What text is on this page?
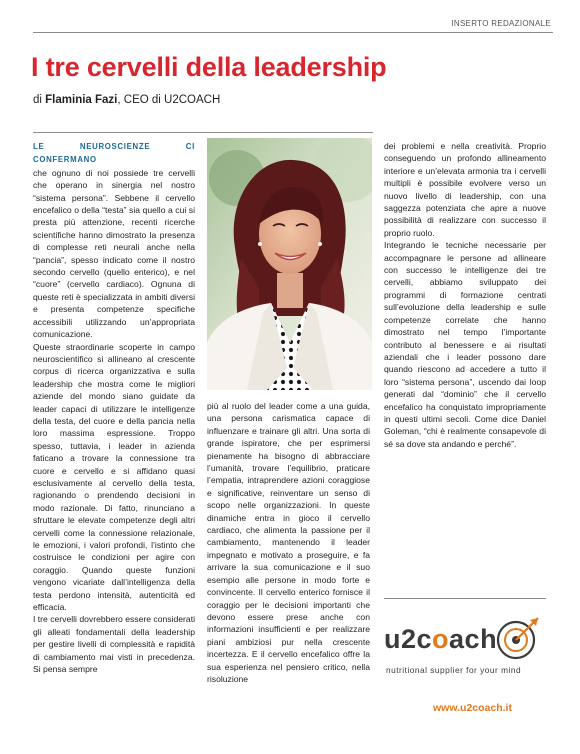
INSERTO REDAZIONALE
I tre cervelli della leadership
di Flaminia Fazi, CEO di U2COACH

LE NEUROSCIENZE CI CONFERMANO
che ognuno di noi possiede tre cervelli che operano in sinergia nel nostro “sistema persona”. Sebbene il cervello encefalico o della “testa” sia quello a cui si presta più attenzione, recenti ricerche scientifiche hanno dimostrato la presenza di complesse reti neurali anche nella “pancia”, spesso indicato come il nostro secondo cervello (quello enterico), e nel “cuore” (cervello cardiaco). Ognuna di queste reti è specializzata in ambiti diversi e presenta competenze specifiche accessibili utilizzando un’appropriata comunicazione.

Queste straordinarie scoperte in campo neuroscientifico si allineano al crescente corpus di ricerca organizzativa e sulla leadership che mostra come le migliori aziende del mondo siano guidate da leader capaci di utilizzare le intelligenze della testa, del cuore e della pancia nella loro massima espressione. Troppo spesso, tuttavia, i leader in azienda faticano a trovare la connessione tra cuore e cervello e si affidano quasi esclusivamente al cervello della testa, ragionando o prendendo decisioni in modo razionale. Di fatto, rinunciano a sfruttare le elevate competenze degli altri cervelli come la connessione relazionale, le emozioni, i valori profondi, l’istinto che costruisce le condizioni per agire con coraggio. Quando queste funzioni vengono vicariate dall’intelligenza della testa perdono intensità, autenticità ed efficacia.

I tre cervelli dovrebbero essere considerati gli alleati fondamentali della leadership per gestire livelli di complessità e rapidità di cambiamento mai visti in precedenza. Si pensa sempre

più al ruolo del leader come a una guida, una persona carismatica capace di influenzare e trainare gli altri. Una sorta di grande ispiratore, che per esprimersi pienamente ha bisogno di abbracciare l’umanità, trovare l’equilibrio, praticare l’empatia, intraprendere azioni coraggiose e significative, reinventare un senso di scopo nelle organizzazioni. In queste dinamiche entra in gioco il cervello cardiaco, che alimenta la passione per il cambiamento, mantenendo il leader impegnato e motivato a proseguire, e fa arrivare la sua comunicazione e il suo esempio alle persone in modo forte e convincente. Il cervello enterico fornisce il coraggio per le decisioni importanti che devono essere prese anche con informazioni insufficienti e per realizzare piani ambiziosi pur nella crescente incertezza. E il cervello encefalico offre la sua esperienza nel pensiero critico, nella risoluzione

dei problemi e nella creatività. Proprio conseguendo un profondo allineamento interiore e un’elevata armonia tra i cervelli multipli è possibile evolvere verso un nuovo livello di leadership, con una saggezza potenziata che apre a nuove possibilità di realizzare con successo il proprio ruolo.

Integrando le tecniche necessarie per accompagnare le persone ad allineare con successo le intelligenze dei tre cervelli, abbiamo sviluppato dei programmi di formazione centrati sull’evoluzione della leadership e sulle competenze correlate che hanno dimostrato nel tempo l’importante contributo al benessere e ai risultati aziendali che i leader possono dare quando riescono ad accedere a tutto il loro “sistema persona”, uscendo dai loop generati dal “dominio” che il cervello encefalico ha conquistato impropriamente in questi ultimi secoli. Come dice Daniel Goleman, “chi è realmente consapevole di sé sa dove sta andando e perché”.

u2coach
nutritional supplier for your mind
www.u2coach.it
